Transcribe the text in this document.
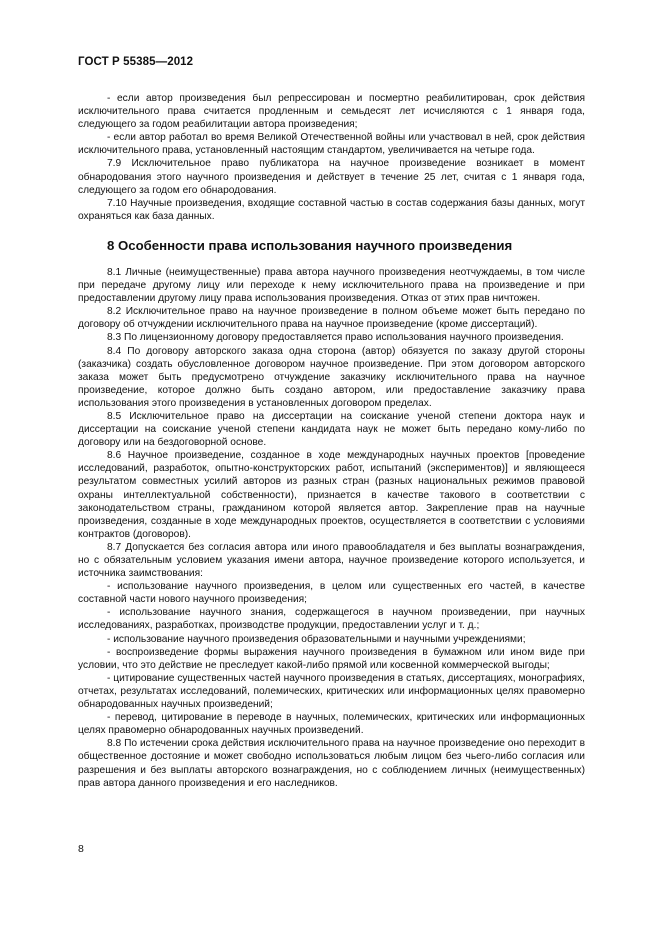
ГОСТ Р 55385—2012

- если автор произведения был репрессирован и посмертно реабилитирован, срок действия исключительного права считается продленным и семьдесят лет исчисляются с 1 января года, следующего за годом реабилитации автора произведения;

- если автор работал во время Великой Отечественной войны или участвовал в ней, срок действия исключительного права, установленный настоящим стандартом, увеличивается на четыре года.

7.9 Исключительное право публикатора на научное произведение возникает в момент обнародования этого научного произведения и действует в течение 25 лет, считая с 1 января года, следующего за годом его обнародования.

7.10 Научные произведения, входящие составной частью в состав содержания базы данных, могут охраняться как база данных.

8 Особенности права использования научного произведения

8.1 Личные (неимущественные) права автора научного произведения неотчуждаемы, в том числе при передаче другому лицу или переходе к нему исключительного права на произведение и при предоставлении другому лицу права использования произведения. Отказ от этих прав ничтожен.

8.2 Исключительное право на научное произведение в полном объеме может быть передано по договору об отчуждении исключительного права на научное произведение (кроме диссертаций).

8.3 По лицензионному договору предоставляется право использования научного произведения.

8.4 По договору авторского заказа одна сторона (автор) обязуется по заказу другой стороны (заказчика) создать обусловленное договором научное произведение. При этом договором авторского заказа может быть предусмотрено отчуждение заказчику исключительного права на научное произведение, которое должно быть создано автором, или предоставление заказчику права использования этого произведения в установленных договором пределах.

8.5 Исключительное право на диссертации на соискание ученой степени доктора наук и диссертации на соискание ученой степени кандидата наук не может быть передано кому-либо по договору или на бездоговорной основе.

8.6 Научное произведение, созданное в ходе международных научных проектов [проведение исследований, разработок, опытно-конструкторских работ, испытаний (экспериментов)] и являющееся результатом совместных усилий авторов из разных стран (разных национальных режимов правовой охраны интеллектуальной собственности), признается в качестве такового в соответствии с законодательством страны, гражданином которой является автор. Закрепление прав на научные произведения, созданные в ходе международных проектов, осуществляется в соответствии с условиями контрактов (договоров).

8.7 Допускается без согласия автора или иного правообладателя и без выплаты вознаграждения, но с обязательным условием указания имени автора, научное произведение которого используется, и источника заимствования:

- использование научного произведения, в целом или существенных его частей, в качестве составной части нового научного произведения;

- использование научного знания, содержащегося в научном произведении, при научных исследованиях, разработках, производстве продукции, предоставлении услуг и т. д.;

- использование научного произведения образовательными и научными учреждениями;

- воспроизведение формы выражения научного произведения в бумажном или ином виде при условии, что это действие не преследует какой-либо прямой или косвенной коммерческой выгоды;

- цитирование существенных частей научного произведения в статьях, диссертациях, монографиях, отчетах, результатах исследований, полемических, критических или информационных целях правомерно обнародованных научных произведений;

- перевод, цитирование в переводе в научных, полемических, критических или информационных целях правомерно обнародованных научных произведений.

8.8 По истечении срока действия исключительного права на научное произведение оно переходит в общественное достояние и может свободно использоваться любым лицом без чьего-либо согласия или разрешения и без выплаты авторского вознаграждения, но с соблюдением личных (неимущественных) прав автора данного произведения и его наследников.

8
